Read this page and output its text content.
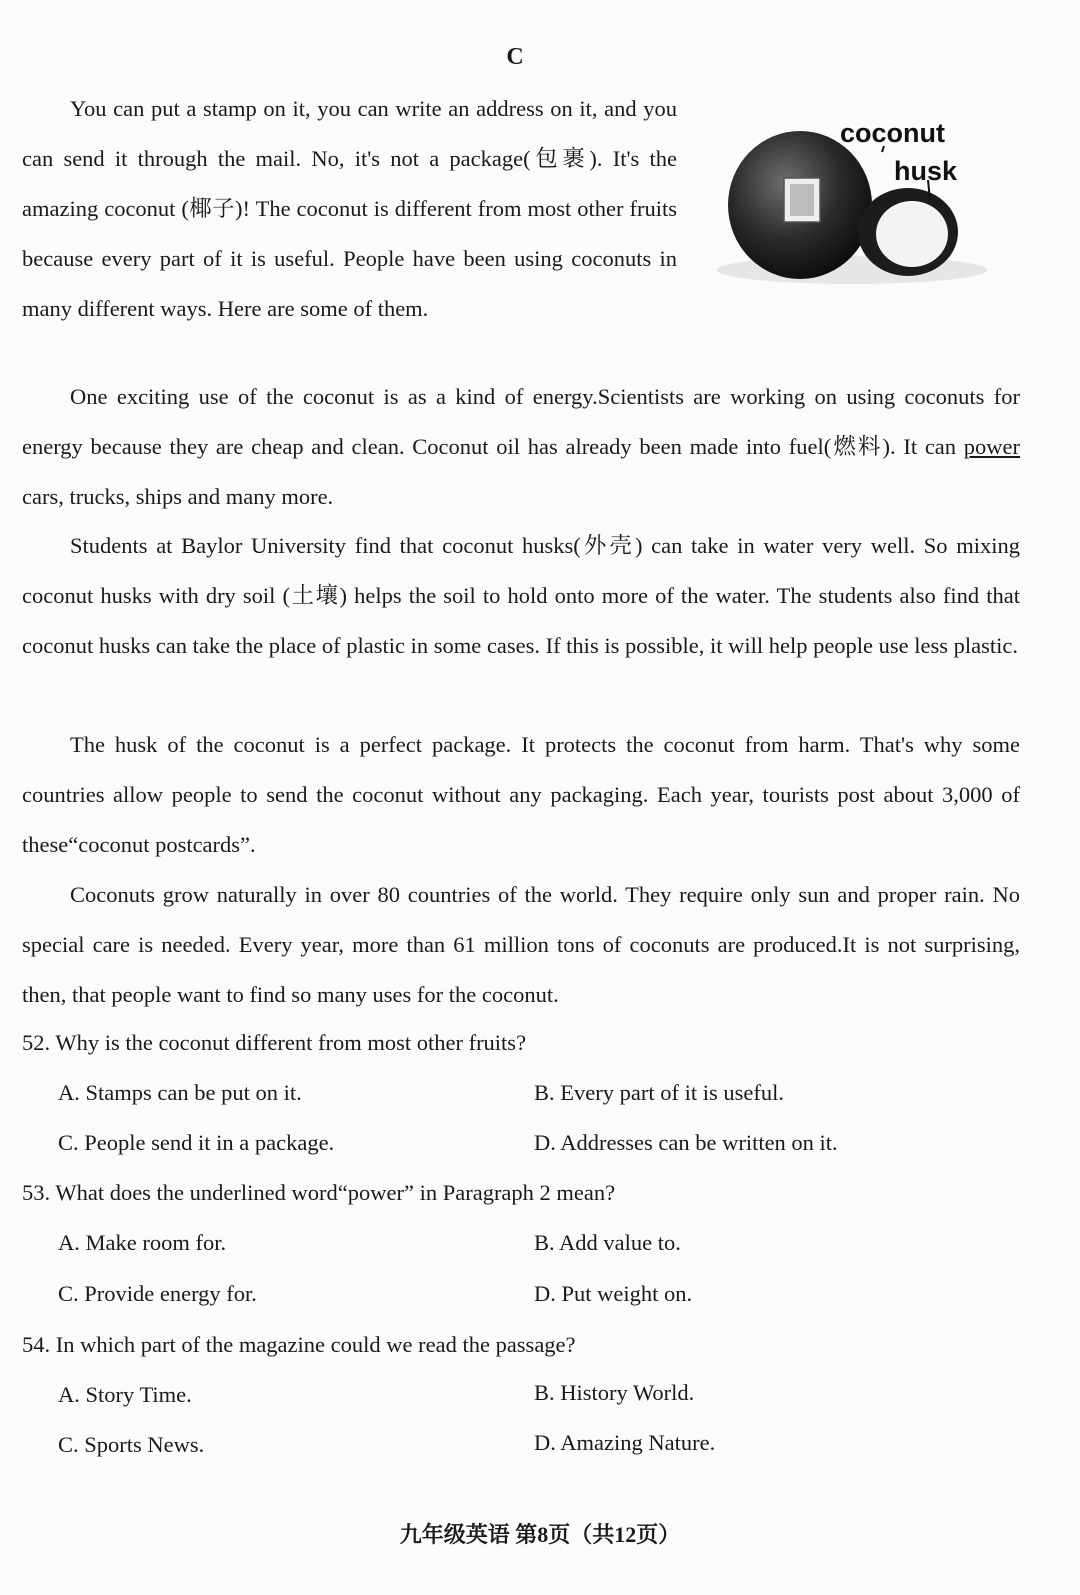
C

You can put a stamp on it, you can write an address on it, and you can send it through the mail. No, it's not a package(包裹). It's the amazing coconut (椰子)! The coconut is different from most other fruits because every part of it is useful. People have been using coconuts in many different ways. Here are some of them.

coconut
husk

One exciting use of the coconut is as a kind of energy.Scientists are working on using coconuts for energy because they are cheap and clean. Coconut oil has already been made into fuel(燃料). It can power cars, trucks, ships and many more.

Students at Baylor University find that coconut husks(外壳) can take in water very well. So mixing coconut husks with dry soil (土壤) helps the soil to hold onto more of the water. The students also find that coconut husks can take the place of plastic in some cases. If this is possible, it will help people use less plastic.

The husk of the coconut is a perfect package. It protects the coconut from harm. That's why some countries allow people to send the coconut without any packaging. Each year, tourists post about 3,000 of these“coconut postcards”.

Coconuts grow naturally in over 80 countries of the world. They require only sun and proper rain. No special care is needed. Every year, more than 61 million tons of coconuts are produced.It is not surprising, then, that people want to find so many uses for the coconut.

52. Why is the coconut different from most other fruits?
A. Stamps can be put on it.	B. Every part of it is useful.
C. People send it in a package.	D. Addresses can be written on it.
53. What does the underlined word“power” in Paragraph 2 mean?
A. Make room for.	B. Add value to.
C. Provide energy for.	D. Put weight on.
54. In which part of the magazine could we read the passage?
A. Story Time.	B. History World.
C. Sports News.	D. Amazing Nature.
九年级英语 第8页（共12页）
